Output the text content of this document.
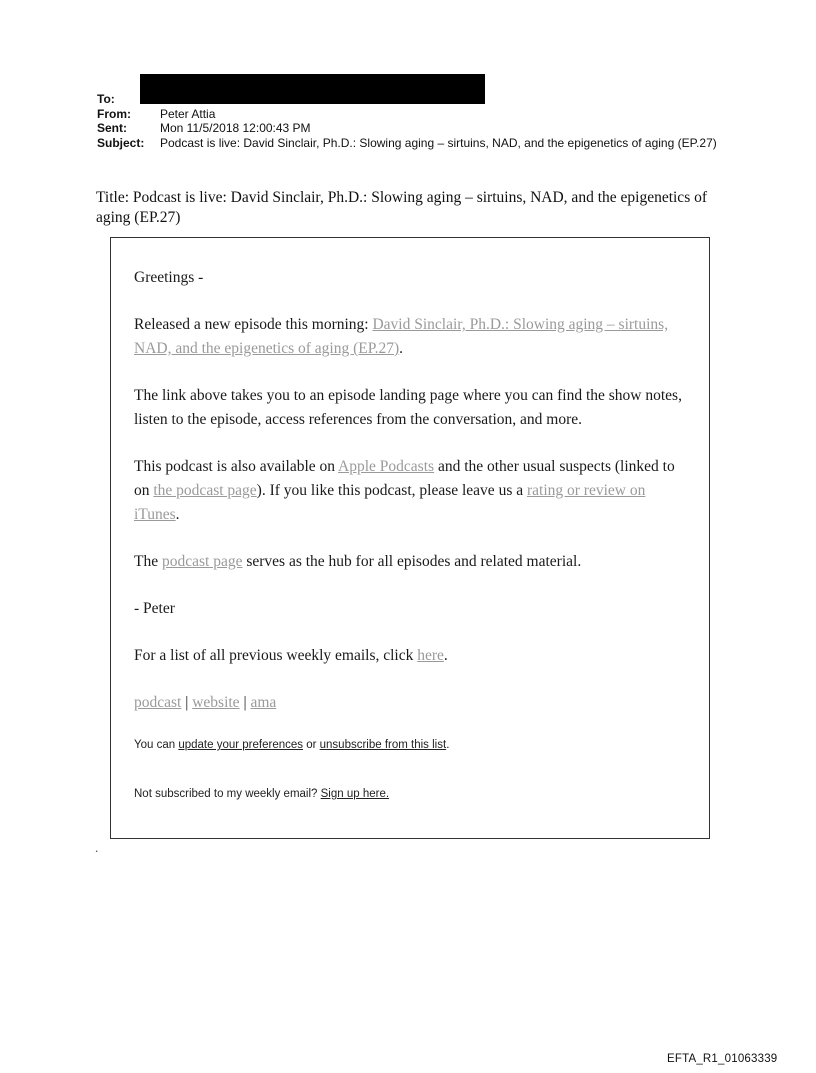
To:
From: Peter Attia
Sent:	Mon 11/5/2018 12:00:43 PM
Subject: Podcast is live: David Sinclair, Ph.D.: Slowing aging – sirtuins, NAD, and the epigenetics of aging (EP.27)
Title: Podcast is live: David Sinclair, Ph.D.: Slowing aging – sirtuins, NAD, and the epigenetics of aging (EP.27)

Greetings -

Released a new episode this morning: David Sinclair, Ph.D.: Slowing aging – sirtuins, NAD, and the epigenetics of aging (EP.27).

The link above takes you to an episode landing page where you can find the show notes, listen to the episode, access references from the conversation, and more.

This podcast is also available on Apple Podcasts and the other usual suspects (linked to on the podcast page). If you like this podcast, please leave us a rating or review on iTunes.

The podcast page serves as the hub for all episodes and related material.

- Peter

For a list of all previous weekly emails, click here.

podcast | website | ama

You can update your preferences or unsubscribe from this list.

Not subscribed to my weekly email? Sign up here.

.
EFTA_R1_01063339
